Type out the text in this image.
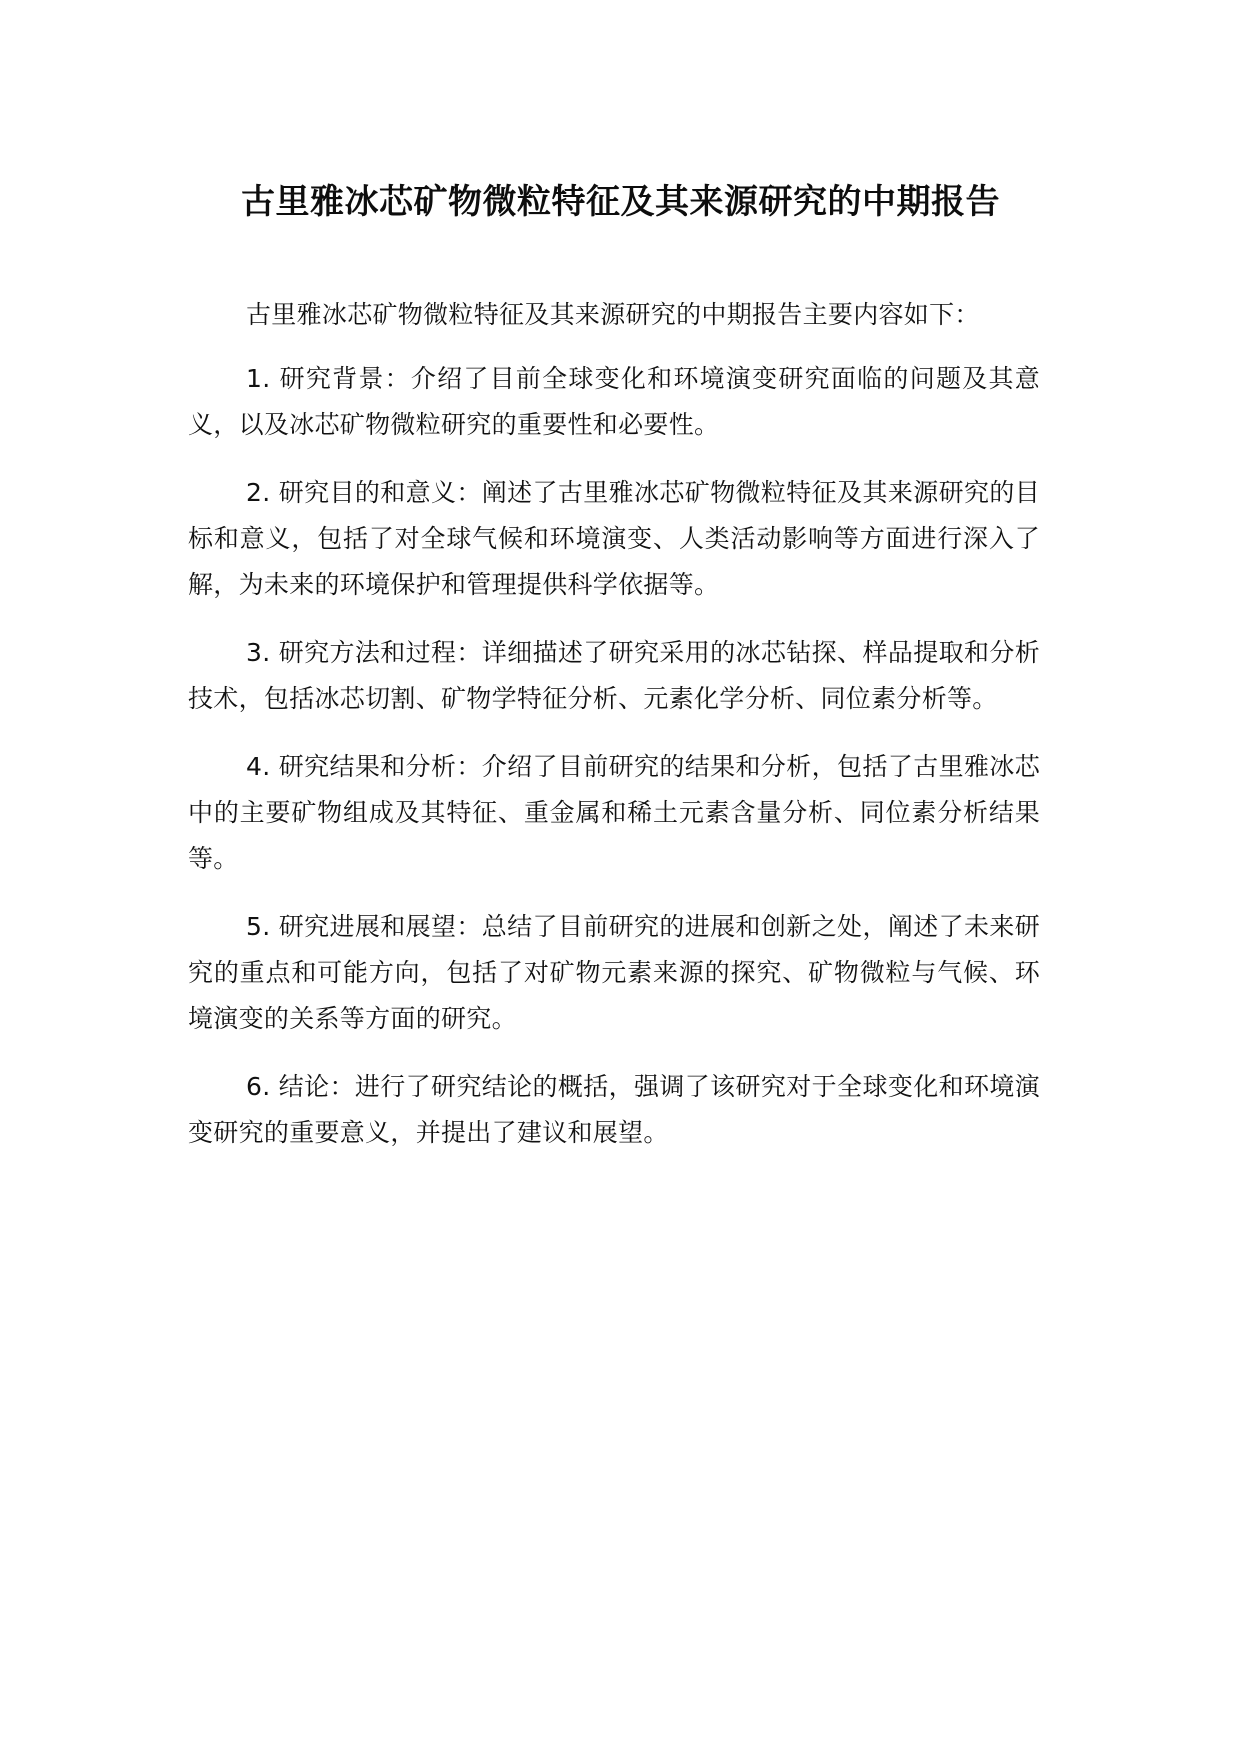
古里雅冰芯矿物微粒特征及其来源研究的中期报告

古里雅冰芯矿物微粒特征及其来源研究的中期报告主要内容如下：

1. 研究背景：介绍了目前全球变化和环境演变研究面临的问题及其意义，以及冰芯矿物微粒研究的重要性和必要性。

2. 研究目的和意义：阐述了古里雅冰芯矿物微粒特征及其来源研究的目标和意义，包括了对全球气候和环境演变、人类活动影响等方面进行深入了解，为未来的环境保护和管理提供科学依据等。

3. 研究方法和过程：详细描述了研究采用的冰芯钻探、样品提取和分析技术，包括冰芯切割、矿物学特征分析、元素化学分析、同位素分析等。

4. 研究结果和分析：介绍了目前研究的结果和分析，包括了古里雅冰芯中的主要矿物组成及其特征、重金属和稀土元素含量分析、同位素分析结果等。

5. 研究进展和展望：总结了目前研究的进展和创新之处，阐述了未来研究的重点和可能方向，包括了对矿物元素来源的探究、矿物微粒与气候、环境演变的关系等方面的研究。

6. 结论：进行了研究结论的概括，强调了该研究对于全球变化和环境演变研究的重要意义，并提出了建议和展望。
